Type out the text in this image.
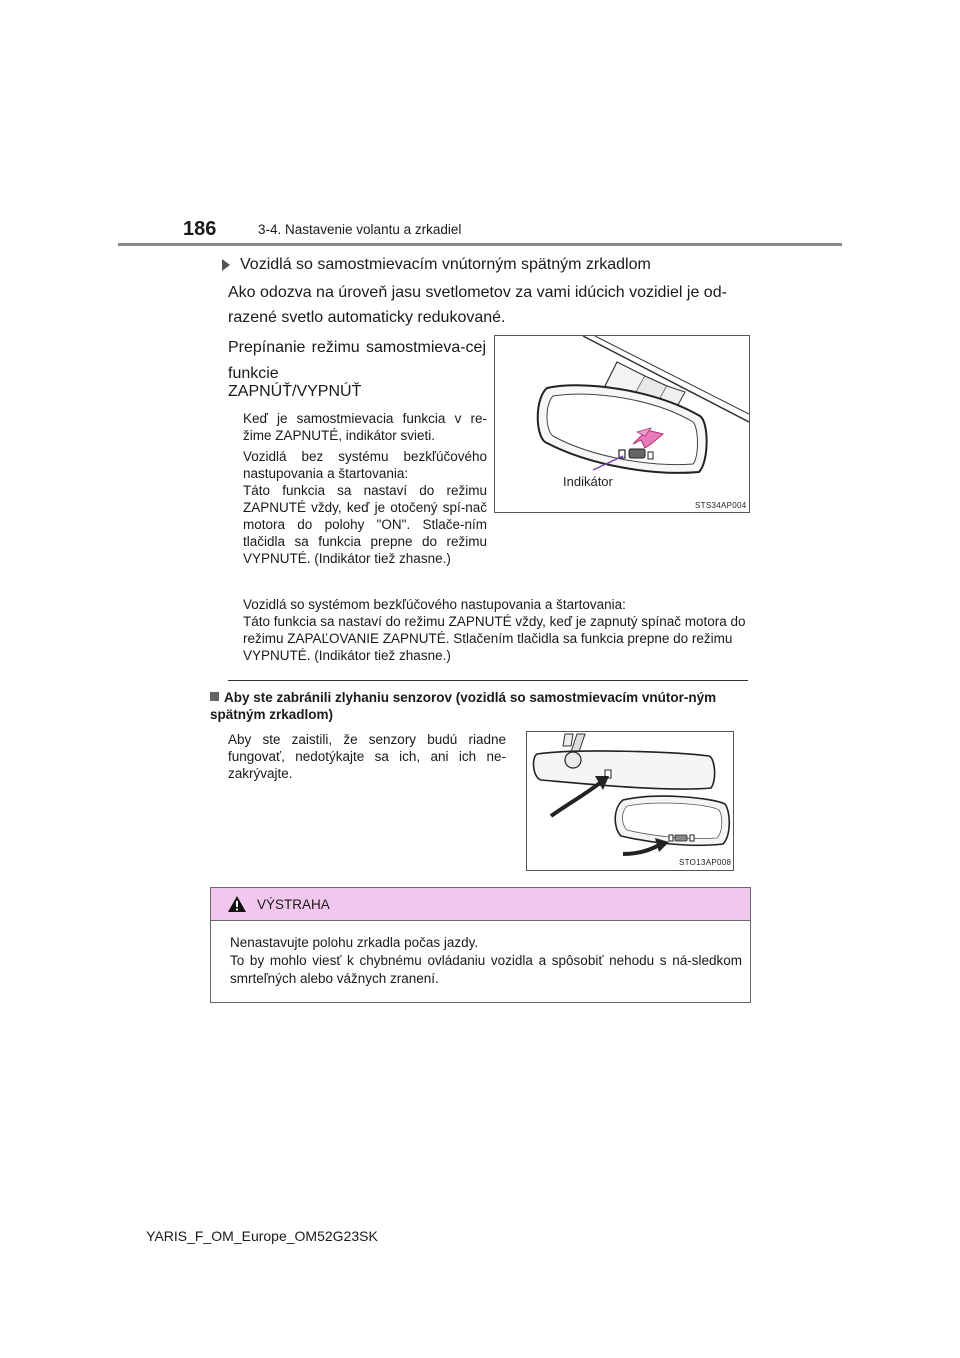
186	3-4. Nastavenie volantu a zrkadiel
Vozidlá so samostmievacím vnútorným spätným zrkadlom
Ako odozva na úroveň jasu svetlometov za vami idúcich vozidiel je od-razené svetlo automaticky redukované.
Prepínanie režimu samostmieva-cej funkcie
ZAPNÚŤ/VYPNÚŤ
Keď je samostmievacia funkcia v re-žime ZAPNUTÉ, indikátor svieti.
Vozidlá bez systému bezkľúčového nastupovania a štartovania:
Táto funkcia sa nastaví do režimu ZAPNUTÉ vždy, keď je otočený spí-nač motora do polohy "ON". Stlače-ním tlačidla sa funkcia prepne do režimu VYPNUTÉ. (Indikátor tiež zhasne.)
Vozidlá so systémom bezkľúčového nastupovania a štartovania:
Táto funkcia sa nastaví do režimu ZAPNUTÉ vždy, keď je zapnutý spínač motora do režimu ZAPAĽOVANIE ZAPNUTÉ. Stlačením tlačidla sa funkcia prepne do režimu VYPNUTÉ. (Indikátor tiež zhasne.)
Indikátor
STS34AP004
Aby ste zabránili zlyhaniu senzorov (vozidlá so samostmievacím vnútor-ným spätným zrkadlom)
Aby ste zaistili, že senzory budú riadne fungovať, nedotýkajte sa ich, ani ich ne-zakrývajte.
STO13AP008
VÝSTRAHA
Nenastavujte polohu zrkadla počas jazdy.
To by mohlo viesť k chybnému ovládaniu vozidla a spôsobiť nehodu s ná-sledkom smrteľných alebo vážnych zranení.
YARIS_F_OM_Europe_OM52G23SK
